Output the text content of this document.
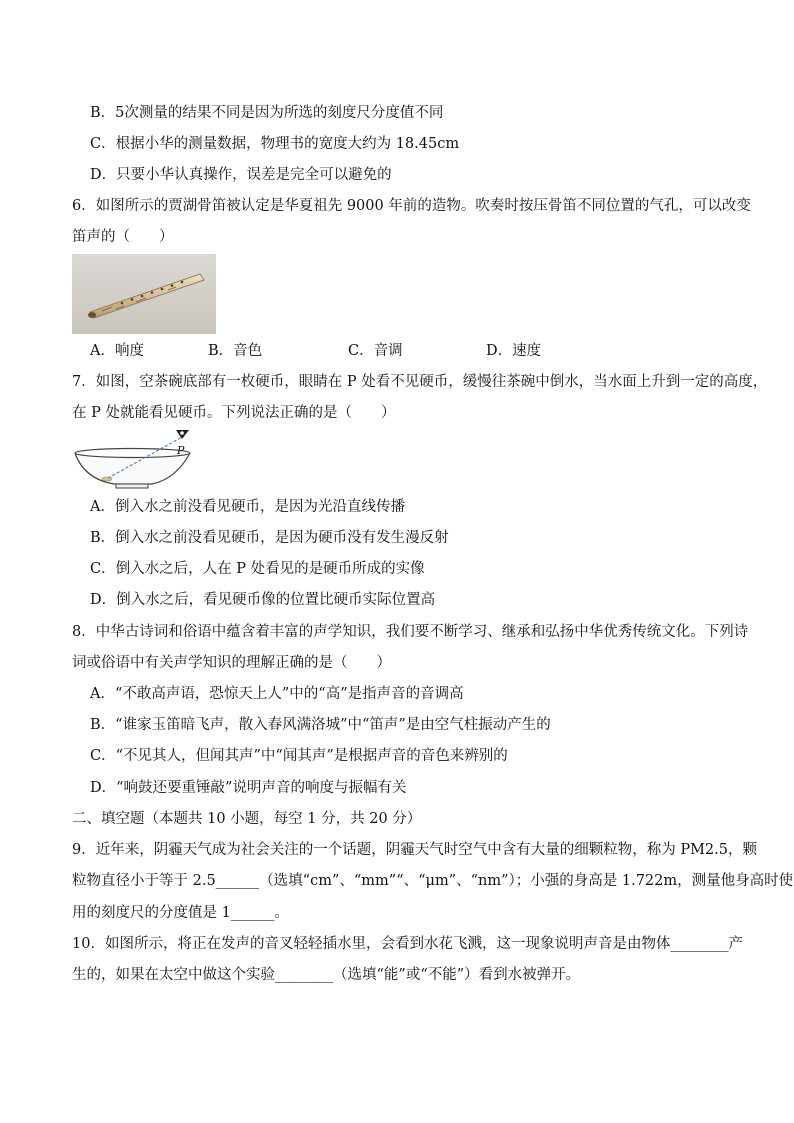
B．5次测量的结果不同是因为所选的刻度尺分度值不同
C．根据小华的测量数据，物理书的宽度大约为 18.45cm
D．只要小华认真操作，误差是完全可以避免的
6．如图所示的贾湖骨笛被认定是华夏祖先 9000 年前的造物。吹奏时按压骨笛不同位置的气孔，可以改变
笛声的（　　）
A．响度	B．音色	C．音调	D．速度
7．如图，空茶碗底部有一枚硬币，眼睛在 P 处看不见硬币，缓慢往茶碗中倒水，当水面上升到一定的高度，
在 P 处就能看见硬币。下列说法正确的是（　　）
P
A．倒入水之前没看见硬币，是因为光沿直线传播
B．倒入水之前没看见硬币，是因为硬币没有发生漫反射
C．倒入水之后，人在 P 处看见的是硬币所成的实像
D．倒入水之后，看见硬币像的位置比硬币实际位置高
8．中华古诗词和俗语中蕴含着丰富的声学知识，我们要不断学习、继承和弘扬中华优秀传统文化。下列诗
词或俗语中有关声学知识的理解正确的是（　　）
A．“不敢高声语，恐惊天上人”中的“高”是指声音的音调高
B．“谁家玉笛暗飞声，散入春风满洛城”中“笛声”是由空气柱振动产生的
C．“不见其人，但闻其声”中“闻其声”是根据声音的音色来辨别的
D．“响鼓还要重锤敲”说明声音的响度与振幅有关
二、填空题（本题共 10 小题，每空 1 分，共 20 分）
9．近年来，阴霾天气成为社会关注的一个话题，阴霾天气时空气中含有大量的细颗粒物，称为 PM2.5，颗
粒物直径小于等于 2.5______（选填“cm”、“mm”“、“μm”、“nm”）；小强的身高是 1.722m，测量他身高时使
用的刻度尺的分度值是 1______。
10．如图所示，将正在发声的音叉轻轻插水里，会看到水花飞溅，这一现象说明声音是由物体________产
生的，如果在太空中做这个实验________（选填“能”或“不能”）看到水被弹开。
